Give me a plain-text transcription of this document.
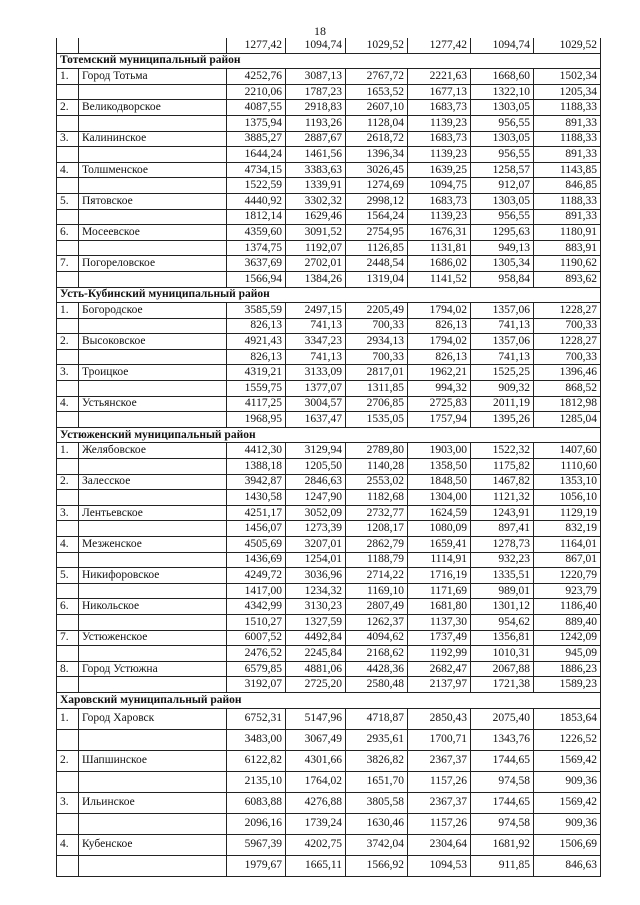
18
		1277,42	1094,74	1029,52	1277,42	1094,74	1029,52
Тотемский муниципальный район							
1.	Город Тотьма	4252,76	3087,13	2767,72	2221,63	1668,60	1502,34
		2210,06	1787,23	1653,52	1677,13	1322,10	1205,34
2.	Великодворское	4087,55	2918,83	2607,10	1683,73	1303,05	1188,33
		1375,94	1193,26	1128,04	1139,23	956,55	891,33
3.	Калининское	3885,27	2887,67	2618,72	1683,73	1303,05	1188,33
		1644,24	1461,56	1396,34	1139,23	956,55	891,33
4.	Толшменское	4734,15	3383,63	3026,45	1639,25	1258,57	1143,85
		1522,59	1339,91	1274,69	1094,75	912,07	846,85
5.	Пятовское	4440,92	3302,32	2998,12	1683,73	1303,05	1188,33
		1812,14	1629,46	1564,24	1139,23	956,55	891,33
6.	Мосеевское	4359,60	3091,52	2754,95	1676,31	1295,63	1180,91
		1374,75	1192,07	1126,85	1131,81	949,13	883,91
7.	Погореловское	3637,69	2702,01	2448,54	1686,02	1305,34	1190,62
		1566,94	1384,26	1319,04	1141,52	958,84	893,62
Усть-Кубинский муниципальный район							
1.	Богородское	3585,59	2497,15	2205,49	1794,02	1357,06	1228,27
		826,13	741,13	700,33	826,13	741,13	700,33
2.	Высоковское	4921,43	3347,23	2934,13	1794,02	1357,06	1228,27
		826,13	741,13	700,33	826,13	741,13	700,33
3.	Троицкое	4319,21	3133,09	2817,01	1962,21	1525,25	1396,46
		1559,75	1377,07	1311,85	994,32	909,32	868,52
4.	Устьянское	4117,25	3004,57	2706,85	2725,83	2011,19	1812,98
		1968,95	1637,47	1535,05	1757,94	1395,26	1285,04
Устюженский муниципальный район							
1.	Желябовское	4412,30	3129,94	2789,80	1903,00	1522,32	1407,60
		1388,18	1205,50	1140,28	1358,50	1175,82	1110,60
2.	Залесское	3942,87	2846,63	2553,02	1848,50	1467,82	1353,10
		1430,58	1247,90	1182,68	1304,00	1121,32	1056,10
3.	Лентьевское	4251,17	3052,09	2732,77	1624,59	1243,91	1129,19
		1456,07	1273,39	1208,17	1080,09	897,41	832,19
4.	Мезженское	4505,69	3207,01	2862,79	1659,41	1278,73	1164,01
		1436,69	1254,01	1188,79	1114,91	932,23	867,01
5.	Никифоровское	4249,72	3036,96	2714,22	1716,19	1335,51	1220,79
		1417,00	1234,32	1169,10	1171,69	989,01	923,79
6.	Никольское	4342,99	3130,23	2807,49	1681,80	1301,12	1186,40
		1510,27	1327,59	1262,37	1137,30	954,62	889,40
7.	Устюженское	6007,52	4492,84	4094,62	1737,49	1356,81	1242,09
		2476,52	2245,84	2168,62	1192,99	1010,31	945,09
8.	Город Устюжна	6579,85	4881,06	4428,36	2682,47	2067,88	1886,23
		3192,07	2725,20	2580,48	2137,97	1721,38	1589,23
Харовский муниципальный район							
1.	Город Харовск	6752,31	5147,96	4718,87	2850,43	2075,40	1853,64
		3483,00	3067,49	2935,61	1700,71	1343,76	1226,52
2.	Шапшинское	6122,82	4301,66	3826,82	2367,37	1744,65	1569,42
		2135,10	1764,02	1651,70	1157,26	974,58	909,36
3.	Ильинское	6083,88	4276,88	3805,58	2367,37	1744,65	1569,42
		2096,16	1739,24	1630,46	1157,26	974,58	909,36
4.	Кубенское	5967,39	4202,75	3742,04	2304,64	1681,92	1506,69
		1979,67	1665,11	1566,92	1094,53	911,85	846,63
